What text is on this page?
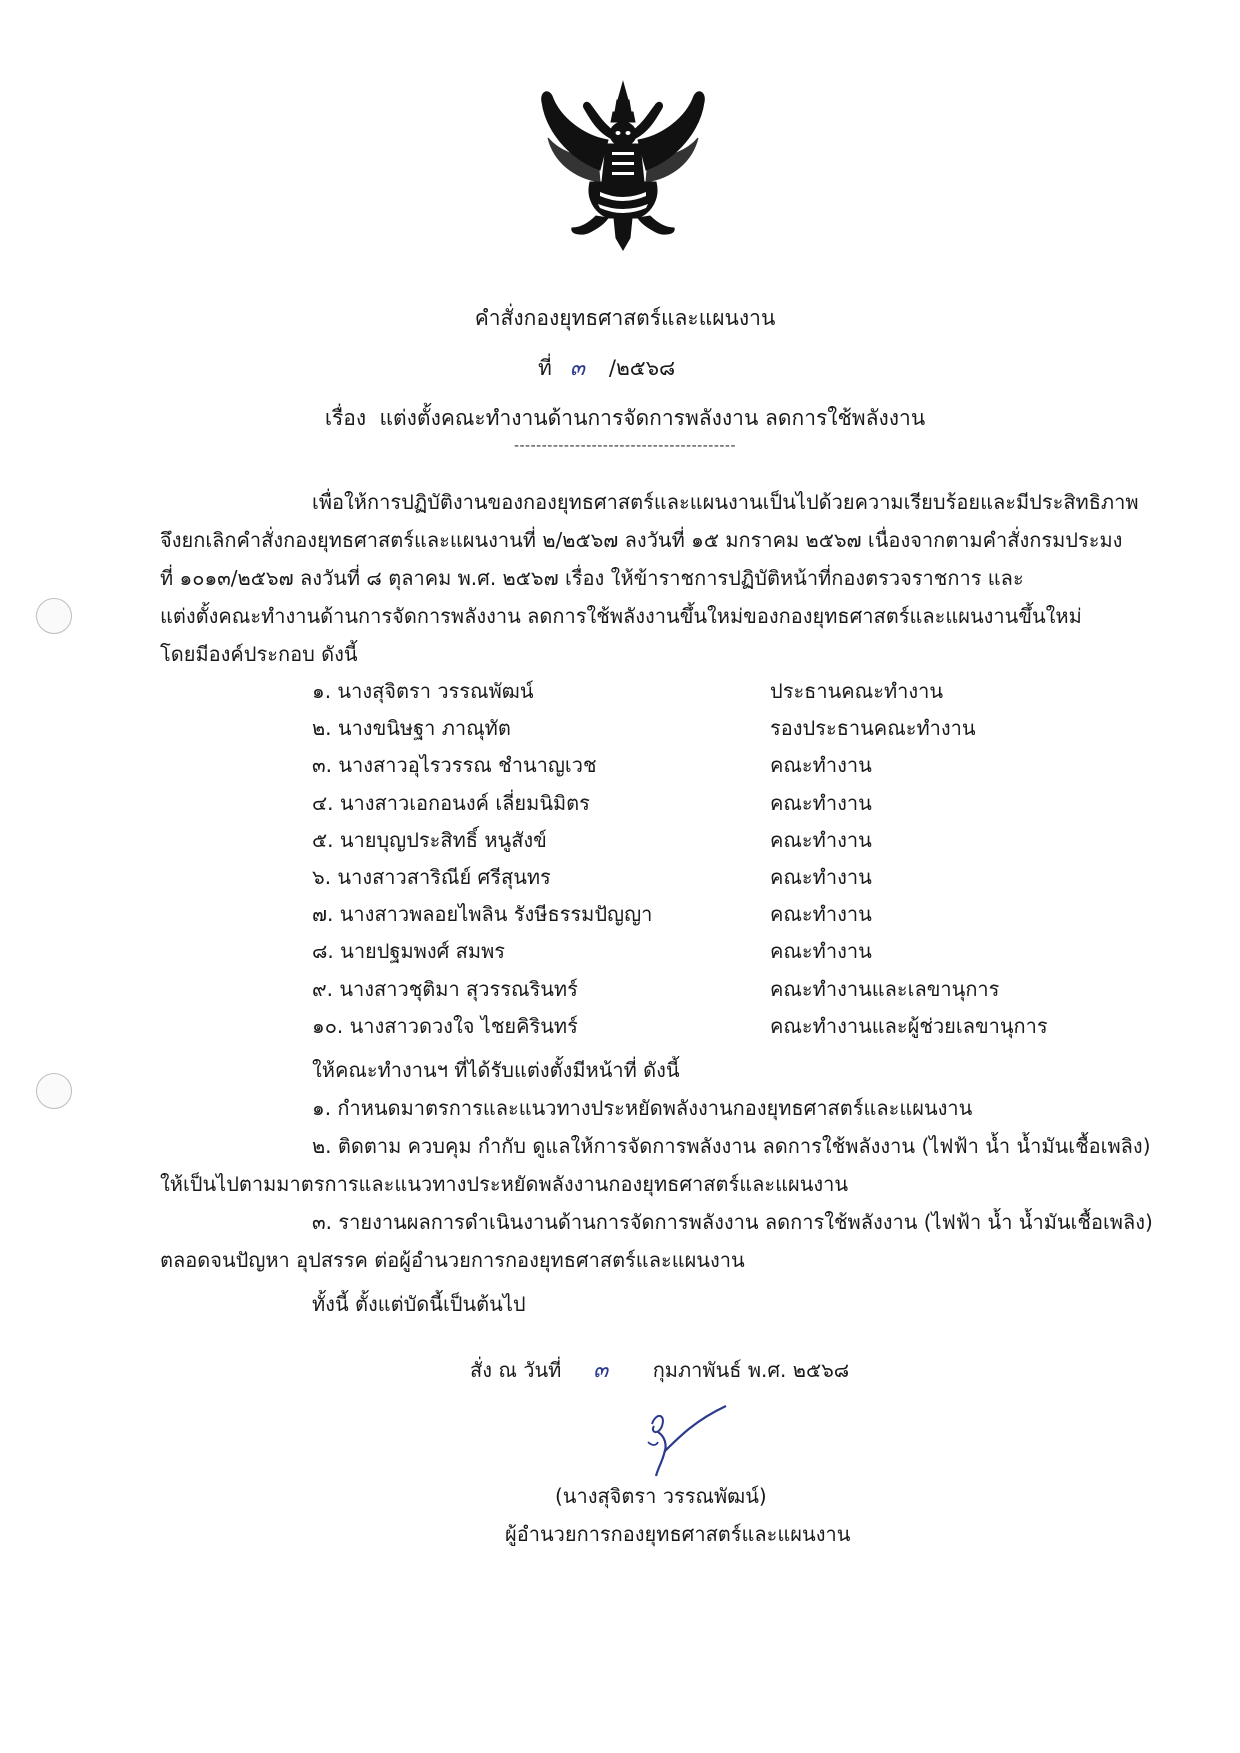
คำสั่งกองยุทธศาสตร์และแผนงาน
ที่ ๓ /๒๕๖๘
เรื่อง แต่งตั้งคณะทำงานด้านการจัดการพลังงาน ลดการใช้พลังงาน
----------------------------------------
เพื่อให้การปฏิบัติงานของกองยุทธศาสตร์และแผนงานเป็นไปด้วยความเรียบร้อยและมีประสิทธิภาพ
จึงยกเลิกคำสั่งกองยุทธศาสตร์และแผนงานที่ ๒/๒๕๖๗ ลงวันที่ ๑๕ มกราคม ๒๕๖๗ เนื่องจากตามคำสั่งกรมประมง
ที่ ๑๐๑๓/๒๕๖๗ ลงวันที่ ๘ ตุลาคม พ.ศ. ๒๕๖๗ เรื่อง ให้ข้าราชการปฏิบัติหน้าที่กองตรวจราชการ และ
แต่งตั้งคณะทำงานด้านการจัดการพลังงาน ลดการใช้พลังงานขึ้นใหม่ของกองยุทธศาสตร์และแผนงานขึ้นใหม่
โดยมีองค์ประกอบ ดังนี้
๑. นางสุจิตรา วรรณพัฒน์	ประธานคณะทำงาน
๒. นางขนิษฐา ภาณุทัต	รองประธานคณะทำงาน
๓. นางสาวอุไรวรรณ ชำนาญเวช	คณะทำงาน
๔. นางสาวเอกอนงค์ เลี่ยมนิมิตร	คณะทำงาน
๕. นายบุญประสิทธิ์ หนูสังข์	คณะทำงาน
๖. นางสาวสาริณีย์ ศรีสุนทร	คณะทำงาน
๗. นางสาวพลอยไพลิน รังษีธรรมปัญญา	คณะทำงาน
๘. นายปฐมพงศ์ สมพร	คณะทำงาน
๙. นางสาวชุติมา สุวรรณรินทร์	คณะทำงานและเลขานุการ
๑๐. นางสาวดวงใจ ไชยคิรินทร์	คณะทำงานและผู้ช่วยเลขานุการ
ให้คณะทำงานฯ ที่ได้รับแต่งตั้งมีหน้าที่ ดังนี้
๑. กำหนดมาตรการและแนวทางประหยัดพลังงานกองยุทธศาสตร์และแผนงาน
๒. ติดตาม ควบคุม กำกับ ดูแลให้การจัดการพลังงาน ลดการใช้พลังงาน (ไฟฟ้า น้ำ น้ำมันเชื้อเพลิง)
ให้เป็นไปตามมาตรการและแนวทางประหยัดพลังงานกองยุทธศาสตร์และแผนงาน
๓. รายงานผลการดำเนินงานด้านการจัดการพลังงาน ลดการใช้พลังงาน (ไฟฟ้า น้ำ น้ำมันเชื้อเพลิง)
ตลอดจนปัญหา อุปสรรค ต่อผู้อำนวยการกองยุทธศาสตร์และแผนงาน
ทั้งนี้ ตั้งแต่บัดนี้เป็นต้นไป
สั่ง ณ วันที่ ๓ กุมภาพันธ์ พ.ศ. ๒๕๖๘
(นางสุจิตรา วรรณพัฒน์)
ผู้อำนวยการกองยุทธศาสตร์และแผนงาน
